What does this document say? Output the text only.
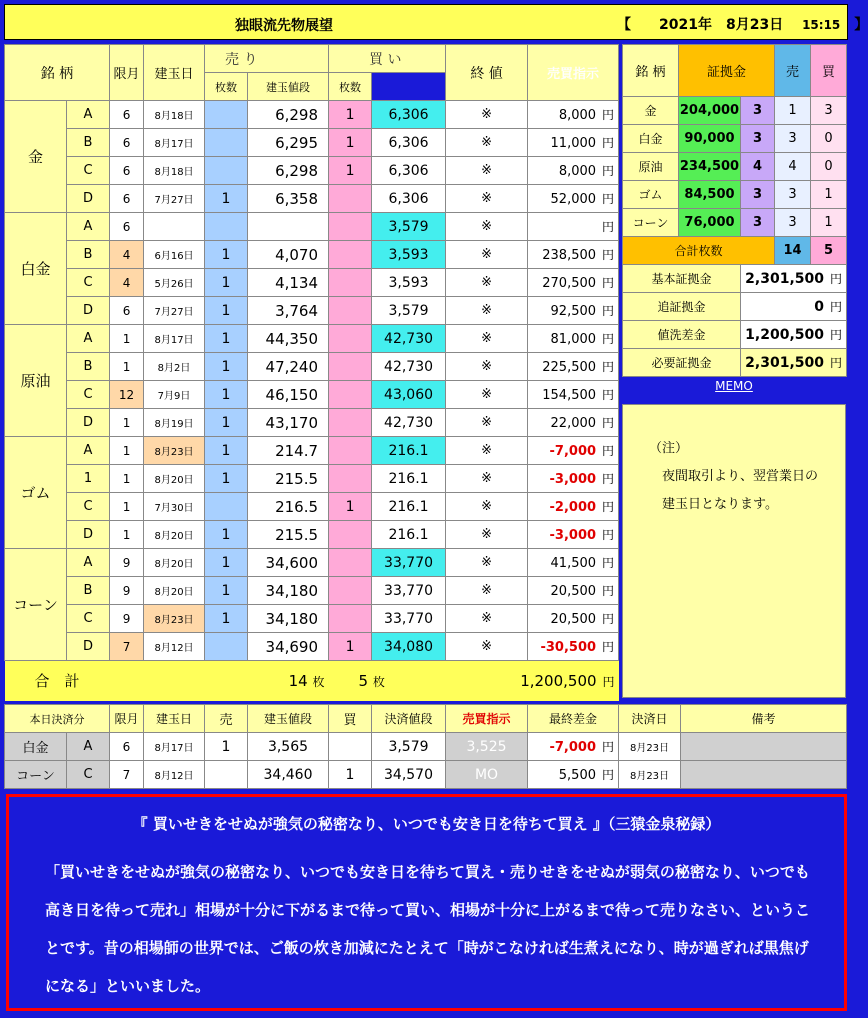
独眼流先物展望	【　　 2021年　8月23日　 15:15　 】
銘 柄		限月	建玉日	売 り		買 い		終 値	売買指示	
				枚数	建玉値段	枚数				
金	A	6	8月18日		6,298	1	6,306	※	8,000 円	
	B	6	8月17日		6,295	1	6,306	※	11,000 円	
	C	6	8月18日		6,298	1	6,306	※	8,000 円	
	D	6	7月27日	1	6,358		6,306	※	52,000 円	
白金	A	6					3,579	※	円	
	B	4	6月16日	1	4,070		3,593	※	238,500 円	
	C	4	5月26日	1	4,134		3,593	※	270,500 円	
	D	6	7月27日	1	3,764		3,579	※	92,500 円	
原油	A	1	8月17日	1	44,350		42,730	※	81,000 円	
	B	1	8月2日	1	47,240		42,730	※	225,500 円	
	C	12	7月9日	1	46,150		43,060	※	154,500 円	
	D	1	8月19日	1	43,170		42,730	※	22,000 円	
ゴム	A	1	8月23日	1	214.7		216.1	※	-7,000 円	
	1	1	8月20日	1	215.5		216.1	※	-3,000 円	
	C	1	7月30日		216.5	1	216.1	※	-2,000 円	
	D	1	8月20日	1	215.5		216.1	※	-3,000 円	
コーン	A	9	8月20日	1	34,600		33,770	※	41,500 円	
	B	9	8月20日	1	34,180		33,770	※	20,500 円	
	C	9	8月23日	1	34,180		33,770	※	20,500 円	
	D	7	8月12日		34,690	1	34,080	※	-30,500 円	
合　計					14 枚	5 枚		1,200,500 円		
銘 柄	証拠金		売	買
金	204,000	3	1	3
白金	90,000	3	3	0
原油	234,500	4	4	0
ゴム	84,500	3	3	1
コーン	76,000	3	3	1
合計枚数			14	5
基本証拠金		2,301,500 円		
追証拠金		0 円		
値洗差金		1,200,500 円		
必要証拠金		2,301,500 円		
MEMO
（注）
　夜間取引より、翌営業日の
　建玉日となります。
本日決済分		限月	建玉日	売	建玉値段	買	決済値段	売買指示	最終差金	決済日	備考
白金	A	6	8月17日	1	3,565		3,579	3,525	-7,000 円	8月23日	
コーン	C	7	8月12日		34,460	1	34,570	MO	5,500 円	8月23日	
『 買いせきをせぬが強気の秘密なり、いつでも安き日を待ちて買え 』（三猿金泉秘録）
「買いせきをせぬが強気の秘密なり、いつでも安き日を待ちて買え・売りせきをせぬが弱気の秘密なり、いつでも高き日を待って売れ」相場が十分に下がるまで待って買い、相場が十分に上がるまで待って売りなさい、ということです。昔の相場師の世界では、ご飯の炊き加減にたとえて「時がこなければ生煮えになり、時が過ぎれば黒焦げになる」といいました。
